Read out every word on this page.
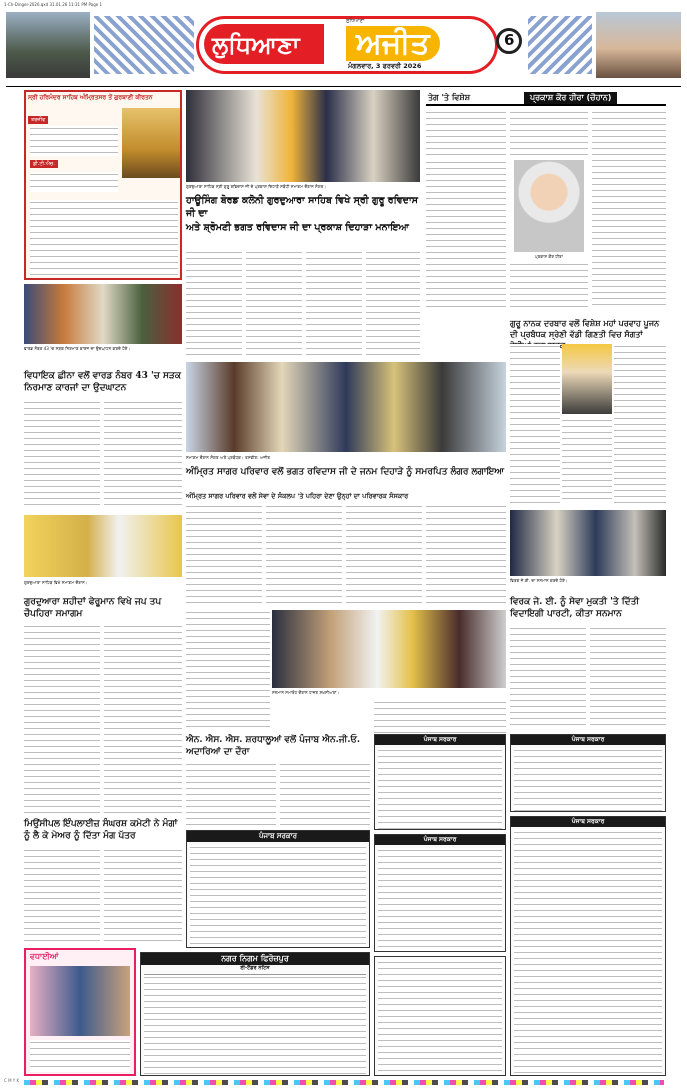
1-Ch-Dinger-2026.qxd 31.01.26 11:31 PM Page 1
ਲੁਧਿਆਣਾ	ਅਜੀਤ
ਲੁਧਿਆਣਾ
ਮੰਗਲਵਾਰ, 3 ਫਰਵਰੀ 2026
6
ਸ੍ਰੀ ਹਰਿਮੰਦਰ ਸਾਹਿਬ ਅੰਮ੍ਰਿਤਸਰ ਤੋਂ ਗੁਰਬਾਣੀ ਕੀਰਤਨ
ਤਰਜੀਵ
ਡੀ.ਟੀ.ਐਚ.
ਵਾਰਡ ਨੰਬਰ 43 'ਚ ਸੜਕ ਨਿਰਮਾਣ ਕਾਰਜ ਦਾ ਉਦਘਾਟਨ ਕਰਦੇ ਹੋਏ।
ਵਿਧਾਇਕ ਛੀਨਾ ਵਲੋਂ ਵਾਰਡ ਨੰਬਰ 43 'ਚ ਸੜਕ ਨਿਰਮਾਣ ਕਾਰਜਾਂ ਦਾ ਉਦਘਾਟਨ
ਗੁਰਦੁਆਰਾ ਸਾਹਿਬ ਵਿਖੇ ਸਮਾਗਮ ਦੌਰਾਨ।
ਗੁਰਦੁਆਰਾ ਸ਼ਹੀਦਾਂ ਫੇਰੂਮਾਨ ਵਿਖੇ ਜਪ ਤਪ ਚੌਪਹਿਰਾ ਸਮਾਗਮ
ਮਿਉਂਸੀਪਲ ਇੰਪਲਾਈਜ਼ ਸੰਘਰਸ਼ ਕਮੇਟੀ ਨੇ ਮੰਗਾਂ ਨੂੰ ਲੈ ਕੇ ਮੇਅਰ ਨੂੰ ਦਿੱਤਾ ਮੰਗ ਪੱਤਰ
ਵਧਾਈਆਂ
ਗੁਰਦੁਆਰਾ ਸਾਹਿਬ ਸ੍ਰੀ ਗੁਰੂ ਰਵਿਦਾਸ ਜੀ ਦੇ ਪ੍ਰਕਾਸ਼ ਦਿਹਾੜੇ ਸਬੰਧੀ ਸਮਾਗਮ ਦੌਰਾਨ ਸੰਗਤ।
ਹਾਊਸਿੰਗ ਬੋਰਡ ਕਲੋਨੀ ਗੁਰਦੁਆਰਾ ਸਾਹਿਬ ਵਿਖੇ ਸ੍ਰੀ ਗੁਰੂ ਰਵਿਦਾਸ ਜੀ ਦਾ
ਅਤੇ ਸ਼੍ਰੋਮਣੀ ਭਗਤ ਰਵਿਦਾਸ ਜੀ ਦਾ ਪ੍ਰਕਾਸ਼ ਦਿਹਾੜਾ ਮਨਾਇਆ
ਤੇਗ 'ਤੇ ਵਿਸ਼ੇਸ਼	ਪ੍ਰਕਾਸ਼ ਕੌਰ ਹੀਰਾ (ਚੌਹਾਨ)
ਪ੍ਰਕਾਸ਼ ਕੌਰ ਹੀਰਾ
ਗੁਰੂ ਨਾਨਕ ਦਰਬਾਰ ਵਲੋਂ ਵਿਸ਼ੇਸ਼ ਮਹਾਂ ਪਰਵਾਹ ਪੂਜਨ ਦੀ ਪ੍ਰਬੰਧਕ ਸ੍ਰੇਣੀ ਵੱਡੀ ਗਿਣਤੀ ਵਿਚ ਸੰਗਤਾਂ
ਵਿਰਕ ਜੇ.ਈ. ਦਾ ਸਨਮਾਨ ਕਰਦੇ ਹੋਏ।
ਵਿਰਕ ਜੇ. ਈ. ਨੂੰ ਸੇਵਾ ਮੁਕਤੀ 'ਤੇ ਦਿੱਤੀ ਵਿਦਾਇਗੀ ਪਾਰਟੀ, ਕੀਤਾ ਸਨਮਾਨ
ਸਮਾਗਮ ਦੌਰਾਨ ਸੰਗਤ ਅਤੇ ਪ੍ਰਬੰਧਕ। ਤਸਵੀਰ: ਅਜੀਤ
ਅੰਮ੍ਰਿਤ ਸਾਗਰ ਪਰਿਵਾਰ ਵਲੋਂ ਭਗਤ ਰਵਿਦਾਸ ਜੀ ਦੇ ਜਨਮ ਦਿਹਾੜੇ ਨੂੰ ਸਮਰਪਿਤ ਲੰਗਰ ਲਗਾਇਆ
ਅੰਮ੍ਰਿਤ ਸਾਗਰ ਪਰਿਵਾਰ ਵਲੋਂ ਸੇਵਾ ਦੇ ਸੰਕਲਪ 'ਤੇ ਪਹਿਰਾ ਦੇਣਾ ਉਨ੍ਹਾਂ ਦਾ ਪਰਿਵਾਰਕ ਸੰਸਕਾਰ
ਸਨਮਾਨ ਸਮਾਰੋਹ ਦੌਰਾਨ ਹਾਜ਼ਰ ਸ਼ਖ਼ਸੀਅਤਾਂ।
ਐਨ. ਐਸ. ਐਸ. ਸ਼ਰਧਾਲੂਆਂ ਵਲੋਂ ਪੰਜਾਬ ਐਨ.ਜੀ.ਓ. ਅਦਾਰਿਆਂ ਦਾ ਦੌਰਾ
ਪੰਜਾਬ ਸਰਕਾਰ	ਪੰਜਾਬ ਸਰਕਾਰ
ਪੰਜਾਬ ਸਰਕਾਰ	ਪੰਜਾਬ ਸਰਕਾਰ
ਪੰਜਾਬ ਸਰਕਾਰ
ਨਗਰ ਨਿਗਮ ਫਿਰੋਜ਼ਪੁਰ
ਈ-ਟੈਂਡਰ ਨੋਟਿਸ
C M Y K
